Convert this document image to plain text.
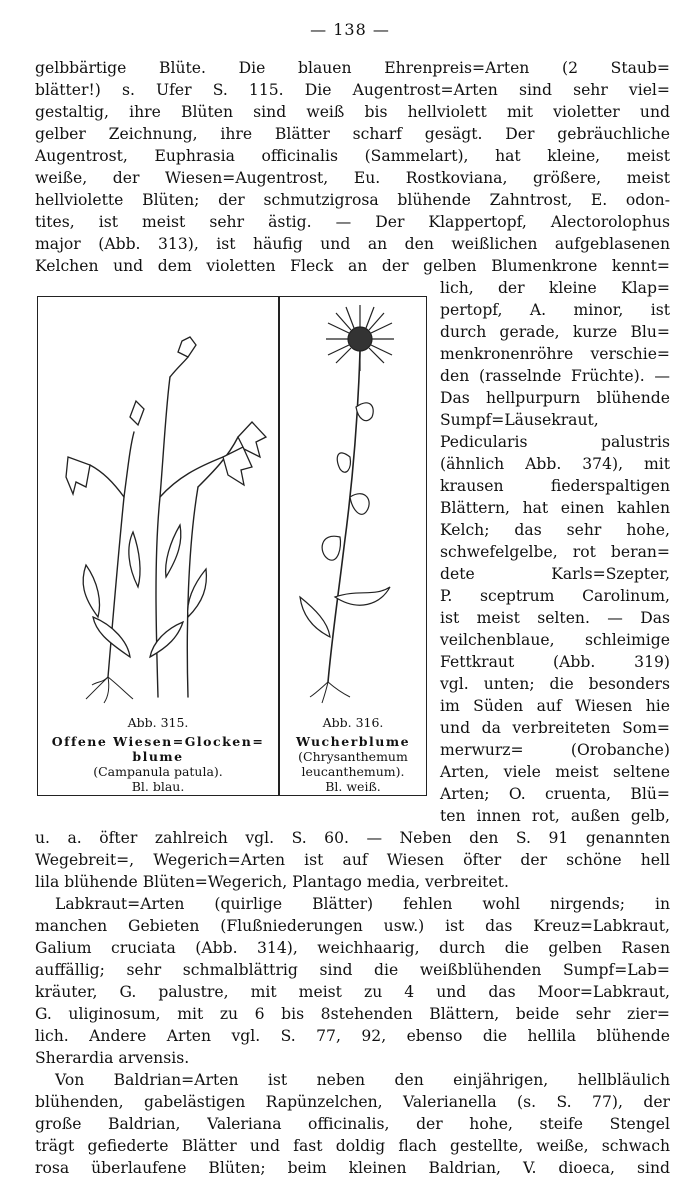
— 138 —
gelbbärtige Blüte. Die blauen Ehrenpreis=Arten (2 Staub=
blätter!) s. Ufer S. 115. Die Augentrost=Arten sind sehr viel=
gestaltig, ihre Blüten sind weiß bis hellviolett mit violetter und
gelber Zeichnung, ihre Blätter scharf gesägt. Der gebräuchliche
Augentrost, Euphrasia officinalis (Sammelart), hat kleine, meist
weiße, der Wiesen=Augentrost, Eu. Rostkoviana, größere, meist
hellviolette Blüten; der schmutzigrosa blühende Zahntrost, E. odon-
tites, ist meist sehr ästig. — Der Klappertopf, Alectorolophus
major (Abb. 313), ist häufig und an den weißlichen aufgeblasenen
Kelchen und dem violetten Fleck an der gelben Blumenkrone kennt=
Abb. 315.
Offene Wiesen=Glocken=
blume
(Campanula patula).
Bl. blau.
Abb. 316.
Wucherblume
(Chrysanthemum
leucanthemum).
Bl. weiß.
lich, der kleine Klap=
pertopf, A. minor, ist
durch gerade, kurze Blu=
menkronenröhre verschie=
den (rasselnde Früchte). —
Das hellpurpurn blühende
Sumpf=Läusekraut,
Pedicularis palustris
(ähnlich Abb. 374), mit
krausen fiederspaltigen
Blättern, hat einen kahlen
Kelch; das sehr hohe,
schwefelgelbe, rot beran=
dete Karls=Szepter,
P. sceptrum Carolinum,
ist meist selten. — Das
veilchenblaue, schleimige
Fettkraut (Abb. 319)
vgl. unten; die besonders
im Süden auf Wiesen hie
und da verbreiteten Som=
merwurz= (Orobanche)
Arten, viele meist seltene
Arten; O. cruenta, Blü=
ten innen rot, außen gelb,
u. a. öfter zahlreich vgl. S. 60. — Neben den S. 91 genannten
Wegebreit=, Wegerich=Arten ist auf Wiesen öfter der schöne hell
lila blühende Blüten=Wegerich, Plantago media, verbreitet.
Labkraut=Arten (quirlige Blätter) fehlen wohl nirgends; in
manchen Gebieten (Flußniederungen usw.) ist das Kreuz=Labkraut,
Galium cruciata (Abb. 314), weichhaarig, durch die gelben Rasen
auffällig; sehr schmalblättrig sind die weißblühenden Sumpf=Lab=
kräuter, G. palustre, mit meist zu 4 und das Moor=Labkraut,
G. uliginosum, mit zu 6 bis 8stehenden Blättern, beide sehr zier=
lich. Andere Arten vgl. S. 77, 92, ebenso die hellila blühende
Sherardia arvensis.
Von Baldrian=Arten ist neben den einjährigen, hellbläulich
blühenden, gabelästigen Rapünzelchen, Valerianella (s. S. 77), der
große Baldrian, Valeriana officinalis, der hohe, steife Stengel
trägt gefiederte Blätter und fast doldig flach gestellte, weiße, schwach
rosa überlaufene Blüten; beim kleinen Baldrian, V. dioeca, sind
